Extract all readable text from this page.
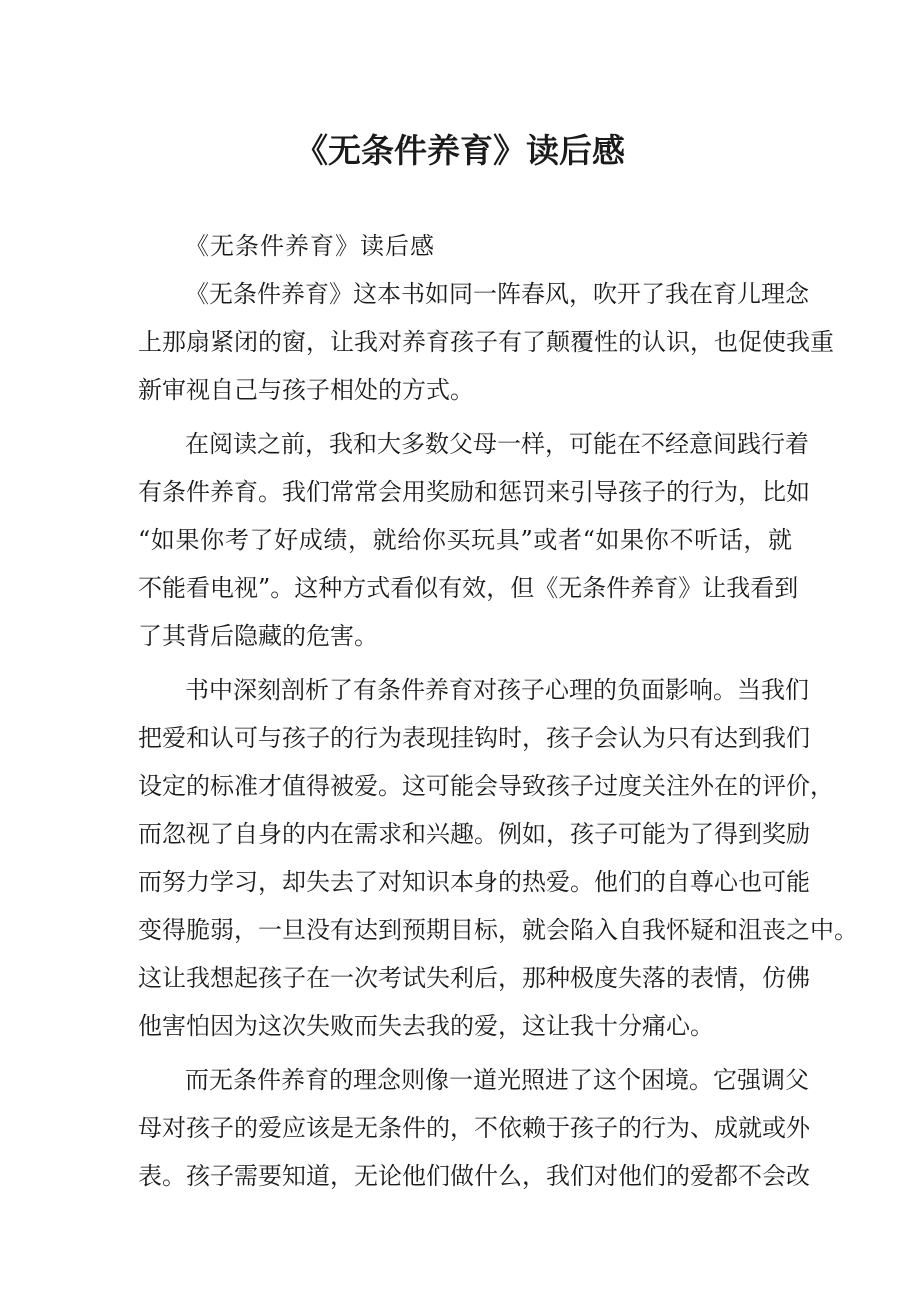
《无条件养育》读后感
《无条件养育》读后感
《无条件养育》这本书如同一阵春风，吹开了我在育儿理念
上那扇紧闭的窗，让我对养育孩子有了颠覆性的认识，也促使我重
新审视自己与孩子相处的方式。
在阅读之前，我和大多数父母一样，可能在不经意间践行着
有条件养育。我们常常会用奖励和惩罚来引导孩子的行为，比如
“如果你考了好成绩，就给你买玩具”或者“如果你不听话，就
不能看电视”。这种方式看似有效，但《无条件养育》让我看到
了其背后隐藏的危害。
书中深刻剖析了有条件养育对孩子心理的负面影响。当我们
把爱和认可与孩子的行为表现挂钩时，孩子会认为只有达到我们
设定的标准才值得被爱。这可能会导致孩子过度关注外在的评价，
而忽视了自身的内在需求和兴趣。例如，孩子可能为了得到奖励
而努力学习，却失去了对知识本身的热爱。他们的自尊心也可能
变得脆弱，一旦没有达到预期目标，就会陷入自我怀疑和沮丧之中。
这让我想起孩子在一次考试失利后，那种极度失落的表情，仿佛
他害怕因为这次失败而失去我的爱，这让我十分痛心。
而无条件养育的理念则像一道光照进了这个困境。它强调父
母对孩子的爱应该是无条件的，不依赖于孩子的行为、成就或外
表。孩子需要知道，无论他们做什么，我们对他们的爱都不会改
